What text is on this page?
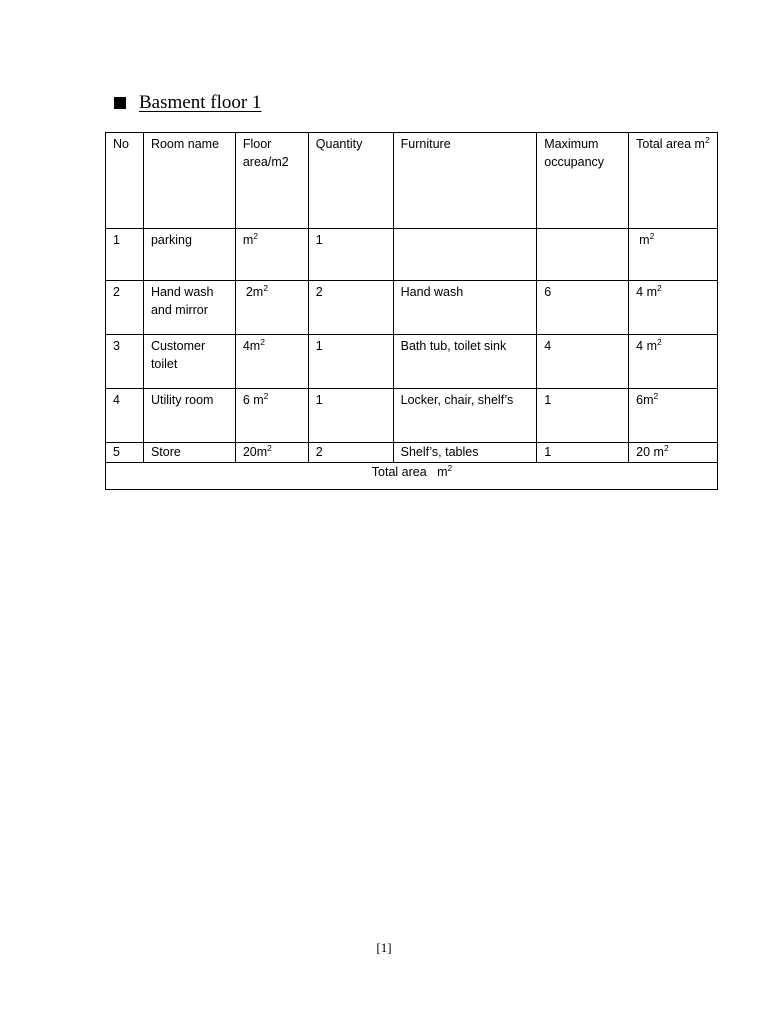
Basment floor 1
No	Room name	Floor area/m2	Quantity	Furniture	Maximum occupancy	Total area $m^2$
1	parking	$m^2$	1			$m^2$
2	Hand wash and mirror	$2m^2$	2	Hand wash	6	4 $m^2$
3	Customer toilet	$4m^2$	1	Bath tub, toilet sink	4	4 $m^2$
4	Utility room	6 $m^2$	1	Locker, chair, shelf’s	1	$6m^2$
5	Store	$20m^2$	2	Shelf’s, tables	1	20 $m^2$
Total area   $m^2$
[1]
